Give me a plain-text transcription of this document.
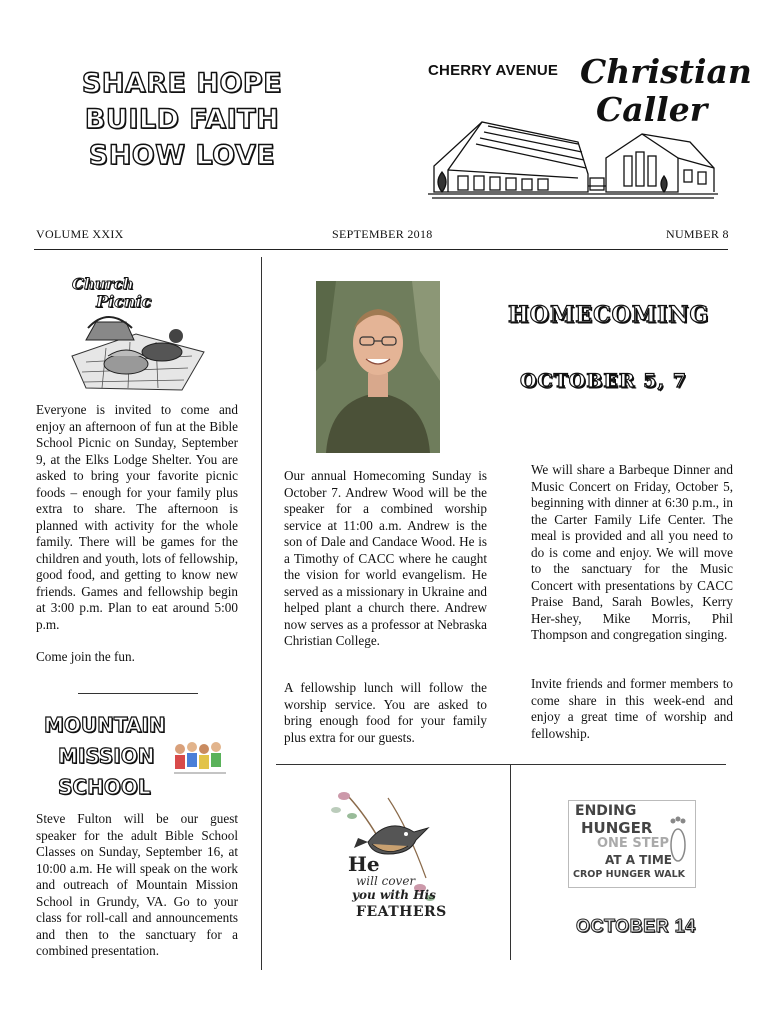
SHARE HOPE
BUILD FAITH
SHOW LOVE
CHERRY AVENUE Christian
Caller
VOLUME XXIX	SEPTEMBER 2018	NUMBER 8
Church
Picnic
Everyone is invited to come and enjoy an afternoon of fun at the Bible School Picnic on Sunday, September 9, at the Elks Lodge Shelter. You are asked to bring your favorite picnic foods – enough for your family plus extra to share. The afternoon is planned with activity for the whole family. There will be games for the children and youth, lots of fellowship, good food, and getting to know new friends. Games and fellowship begin at 3:00 p.m. Plan to eat around 5:00 p.m.
Come join the fun.
MOUNTAIN
MISSION
SCHOOL
Steve Fulton will be our guest speaker for the adult Bible School Classes on Sunday, September 16, at 10:00 a.m. He will speak on the work and outreach of Mountain Mission School in Grundy, VA. Go to your class for roll-call and announcements and then to the sanctuary for a combined presentation.
HOMECOMING
OCTOBER 5, 7
Our annual Homecoming Sunday is October 7. Andrew Wood will be the speaker for a combined worship service at 11:00 a.m. Andrew is the son of Dale and Candace Wood. He is a Timothy of CACC where he caught the vision for world evangelism. He served as a missionary in Ukraine and helped plant a church there. Andrew now serves as a professor at Nebraska Christian College.
A fellowship lunch will follow the worship service. You are asked to bring enough food for your family plus extra for our guests.
We will share a Barbeque Dinner and Music Concert on Friday, October 5, beginning with dinner at 6:30 p.m., in the Carter Family Life Center. The meal is provided and all you need to do is come and enjoy. We will move to the sanctuary for the Music Concert with presentations by CACC Praise Band, Sarah Bowles, Kerry Her-shey, Mike Morris, Phil Thompson and congregation singing.
Invite friends and former members to come share in this week-end and enjoy a great time of worship and fellowship.
He
will cover
you with His
FEATHERS
ENDING
HUNGER
ONE STEP
AT A TIME
CROP HUNGER WALK
OCTOBER 14
